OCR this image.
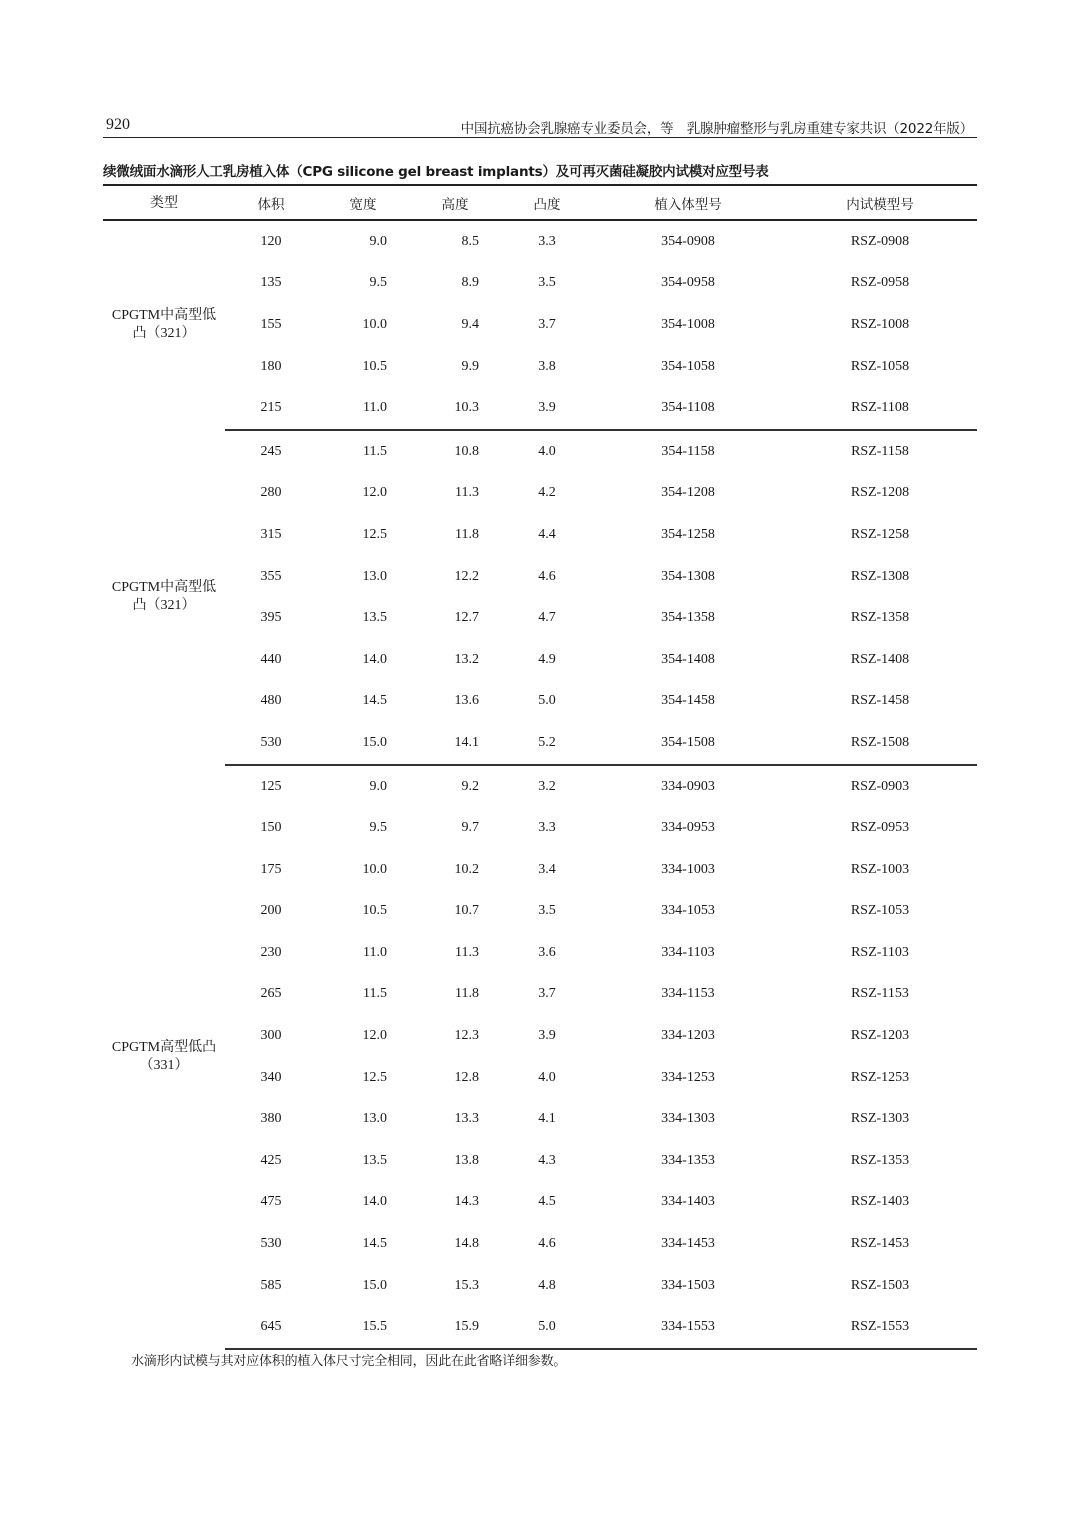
920	中国抗癌协会乳腺癌专业委员会，等　乳腺肿瘤整形与乳房重建专家共识（2022年版）
续微绒面水滴形人工乳房植入体（CPG silicone gel breast implants）及可再灭菌硅凝胶内试模对应型号表
类型	体积	宽度	高度	凸度	植入体型号	内试模型号
CPGTM中高型低
凸（321）	120	9.0	8.5	3.3	354-0908	RSZ-0908
	135	9.5	8.9	3.5	354-0958	RSZ-0958
	155	10.0	9.4	3.7	354-1008	RSZ-1008
	180	10.5	9.9	3.8	354-1058	RSZ-1058
	215	11.0	10.3	3.9	354-1108	RSZ-1108
CPGTM中高型低
凸（321）	245	11.5	10.8	4.0	354-1158	RSZ-1158
	280	12.0	11.3	4.2	354-1208	RSZ-1208
	315	12.5	11.8	4.4	354-1258	RSZ-1258
	355	13.0	12.2	4.6	354-1308	RSZ-1308
	395	13.5	12.7	4.7	354-1358	RSZ-1358
	440	14.0	13.2	4.9	354-1408	RSZ-1408
	480	14.5	13.6	5.0	354-1458	RSZ-1458
	530	15.0	14.1	5.2	354-1508	RSZ-1508
CPGTM高型低凸
（331）	125	9.0	9.2	3.2	334-0903	RSZ-0903
	150	9.5	9.7	3.3	334-0953	RSZ-0953
	175	10.0	10.2	3.4	334-1003	RSZ-1003
	200	10.5	10.7	3.5	334-1053	RSZ-1053
	230	11.0	11.3	3.6	334-1103	RSZ-1103
	265	11.5	11.8	3.7	334-1153	RSZ-1153
	300	12.0	12.3	3.9	334-1203	RSZ-1203
	340	12.5	12.8	4.0	334-1253	RSZ-1253
	380	13.0	13.3	4.1	334-1303	RSZ-1303
	425	13.5	13.8	4.3	334-1353	RSZ-1353
	475	14.0	14.3	4.5	334-1403	RSZ-1403
	530	14.5	14.8	4.6	334-1453	RSZ-1453
	585	15.0	15.3	4.8	334-1503	RSZ-1503
	645	15.5	15.9	5.0	334-1553	RSZ-1553
水滴形内试模与其对应体积的植入体尺寸完全相同，因此在此省略详细参数。
